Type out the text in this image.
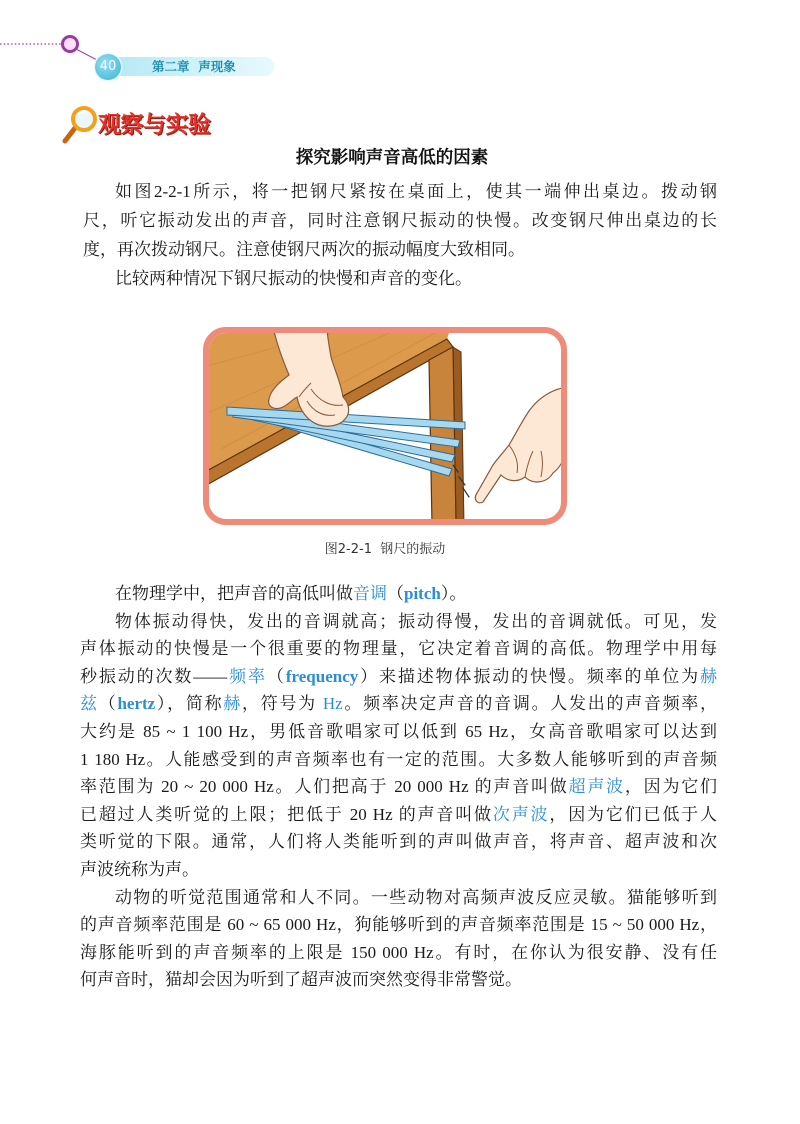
40	第二章  声现象
观察与实验
探究影响声音高低的因素
如图2-2-1所示，将一把钢尺紧按在桌面上，使其一端伸出桌边。拨动钢
尺，听它振动发出的声音，同时注意钢尺振动的快慢。改变钢尺伸出桌边的长
度，再次拨动钢尺。注意使钢尺两次的振动幅度大致相同。
比较两种情况下钢尺振动的快慢和声音的变化。
图2-2-1  钢尺的振动
在物理学中，把声音的高低叫做音调（pitch）。
物体振动得快，发出的音调就高；振动得慢，发出的音调就低。可见，发
声体振动的快慢是一个很重要的物理量，它决定着音调的高低。物理学中用每
秒振动的次数——频率（frequency）来描述物体振动的快慢。频率的单位为赫
兹（hertz），简称赫，符号为 Hz。频率决定声音的音调。人发出的声音频率，
大约是 85 ~ 1 100 Hz，男低音歌唱家可以低到 65 Hz，女高音歌唱家可以达到
1 180 Hz。人能感受到的声音频率也有一定的范围。大多数人能够听到的声音频
率范围为 20 ~ 20 000 Hz。人们把高于 20 000 Hz 的声音叫做超声波，因为它们
已超过人类听觉的上限；把低于 20 Hz 的声音叫做次声波，因为它们已低于人
类听觉的下限。通常，人们将人类能听到的声叫做声音，将声音、超声波和次
声波统称为声。
动物的听觉范围通常和人不同。一些动物对高频声波反应灵敏。猫能够听到
的声音频率范围是 60 ~ 65 000 Hz，狗能够听到的声音频率范围是 15 ~ 50 000 Hz，
海豚能听到的声音频率的上限是 150 000 Hz。有时，在你认为很安静、没有任
何声音时，猫却会因为听到了超声波而突然变得非常警觉。
